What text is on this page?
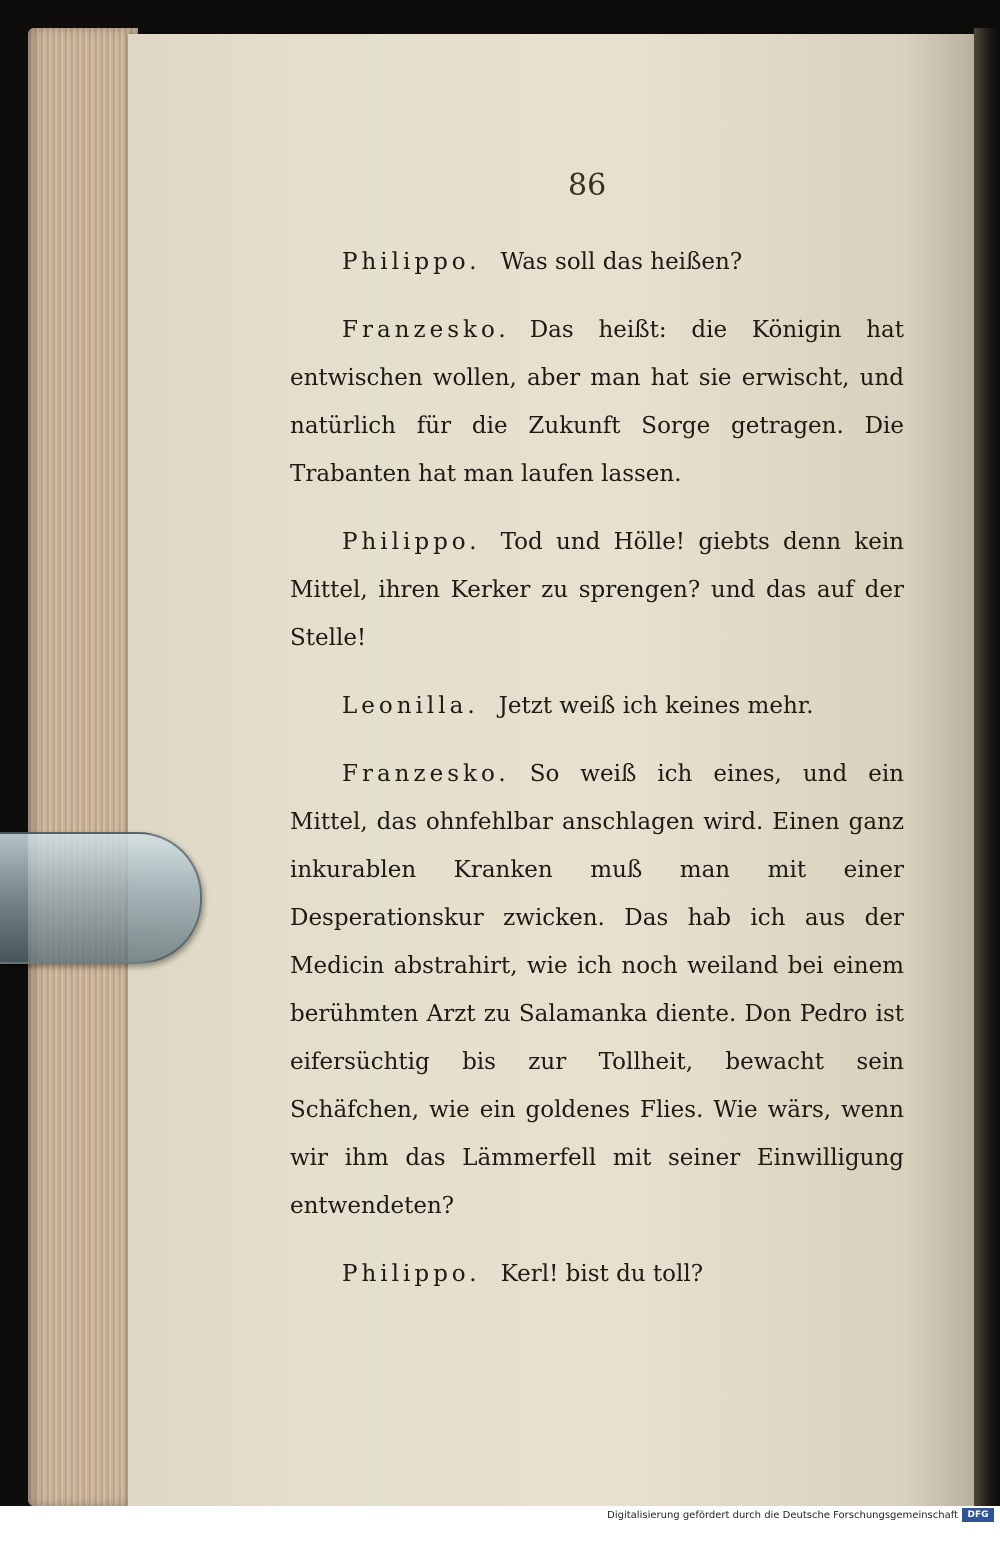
86

Philippo. Was soll das heißen?

Franzesko. Das heißt: die Königin hat entwischen wollen, aber man hat sie erwischt, und natürlich für die Zukunft Sorge getragen. Die Trabanten hat man laufen lassen.

Philippo. Tod und Hölle! giebts denn kein Mittel, ihren Kerker zu sprengen? und das auf der Stelle!

Leonilla. Jetzt weiß ich keines mehr.

Franzesko. So weiß ich eines, und ein Mittel, das ohnfehlbar anschlagen wird. Einen ganz inkurablen Kranken muß man mit einer Desperationskur zwicken. Das hab ich aus der Medicin abstrahirt, wie ich noch weiland bei einem berühmten Arzt zu Salamanka diente. Don Pedro ist eifersüchtig bis zur Tollheit, bewacht sein Schäfchen, wie ein goldenes Flies. Wie wärs, wenn wir ihm das Lämmerfell mit seiner Einwilligung entwendeten?

Philippo. Kerl! bist du toll?

Digitalisierung gefördert durch die Deutsche Forschungsgemeinschaft	DFG
